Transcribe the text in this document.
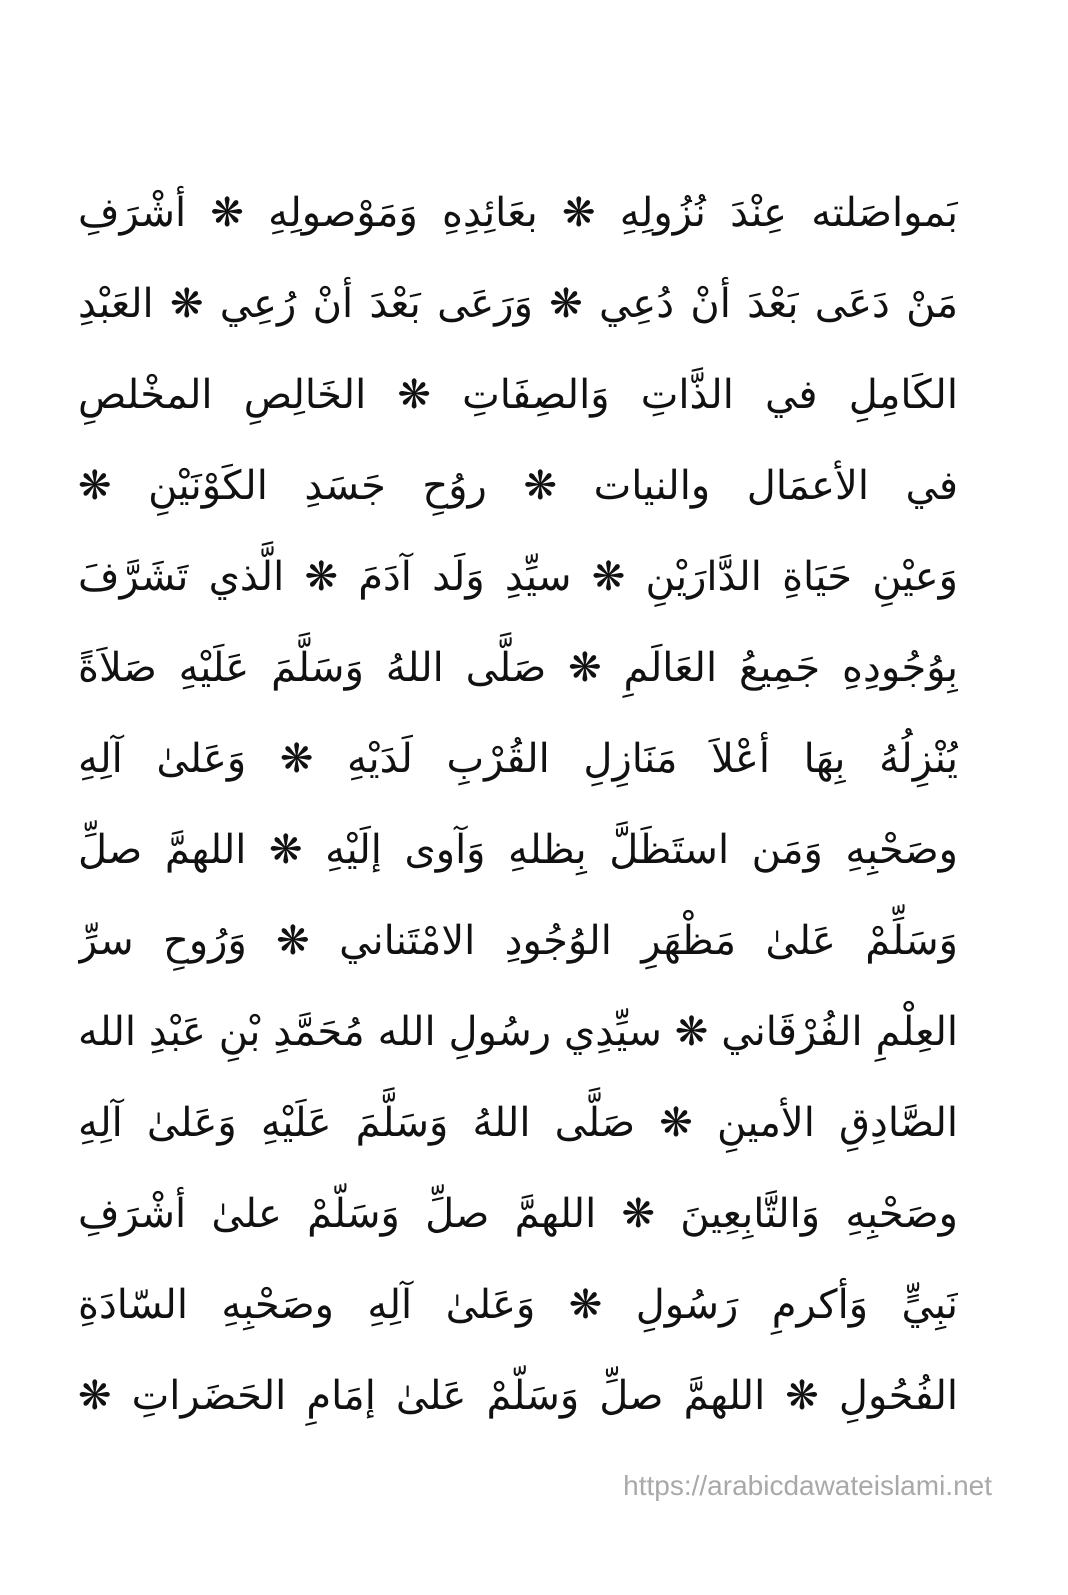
بَمواصَلته عِنْدَ نُزُولِهِ ❋ بعَائِدِهِ وَمَوْصولِهِ ❋ أشْرَفِ
مَنْ دَعَى بَعْدَ أنْ دُعِي ❋ وَرَعَى بَعْدَ أنْ رُعِي ❋ العَبْدِ
الكَامِلِ في الذَّاتِ وَالصِفَاتِ ❋ الخَالِصِ المخْلصِ
في الأعمَال والنيات ❋ روُحِ جَسَدِ الكَوْنَيْنِ ❋
وَعيْنِ حَيَاةِ الدَّارَيْنِ ❋ سيِّدِ وَلَد آدَمَ ❋ الَّذي تَشَرَّفَ
بِوُجُودِهِ جَمِيعُ العَالَمِ ❋ صَلَّى اللهُ وَسَلَّمَ عَلَيْهِ صَلاَةً
يُنْزِلُهُ بِهَا أعْلاَ مَنَازِلِ القُرْبِ لَدَيْهِ ❋ وَعَلىٰ آلِهِ
وصَحْبِهِ وَمَن استَظَلَّ بِظلهِ وَآوى إلَيْهِ ❋ اللهمَّ صلِّ
وَسَلِّمْ عَلىٰ مَظْهَرِ الوُجُودِ الامْتَناني ❋ وَرُوحِ سرِّ
العِلْمِ الفُرْقَاني ❋ سيِّدِي رسُولِ الله مُحَمَّدِ بْنِ عَبْدِ الله
الصَّادِقِ الأمينِ ❋ صَلَّى اللهُ وَسَلَّمَ عَلَيْهِ وَعَلىٰ آلِهِ
وصَحْبِهِ وَالتَّابِعِينَ ❋ اللهمَّ صلِّ وَسَلّمْ علىٰ أشْرَفِ
نَبِيٍّ وَأكرمِ رَسُولِ ❋ وَعَلىٰ آلِهِ وصَحْبِهِ السّادَةِ
الفُحُولِ ❋ اللهمَّ صلِّ وَسَلّمْ عَلىٰ إمَامِ الحَضَراتِ ❋
https://arabicdawateislami.net
